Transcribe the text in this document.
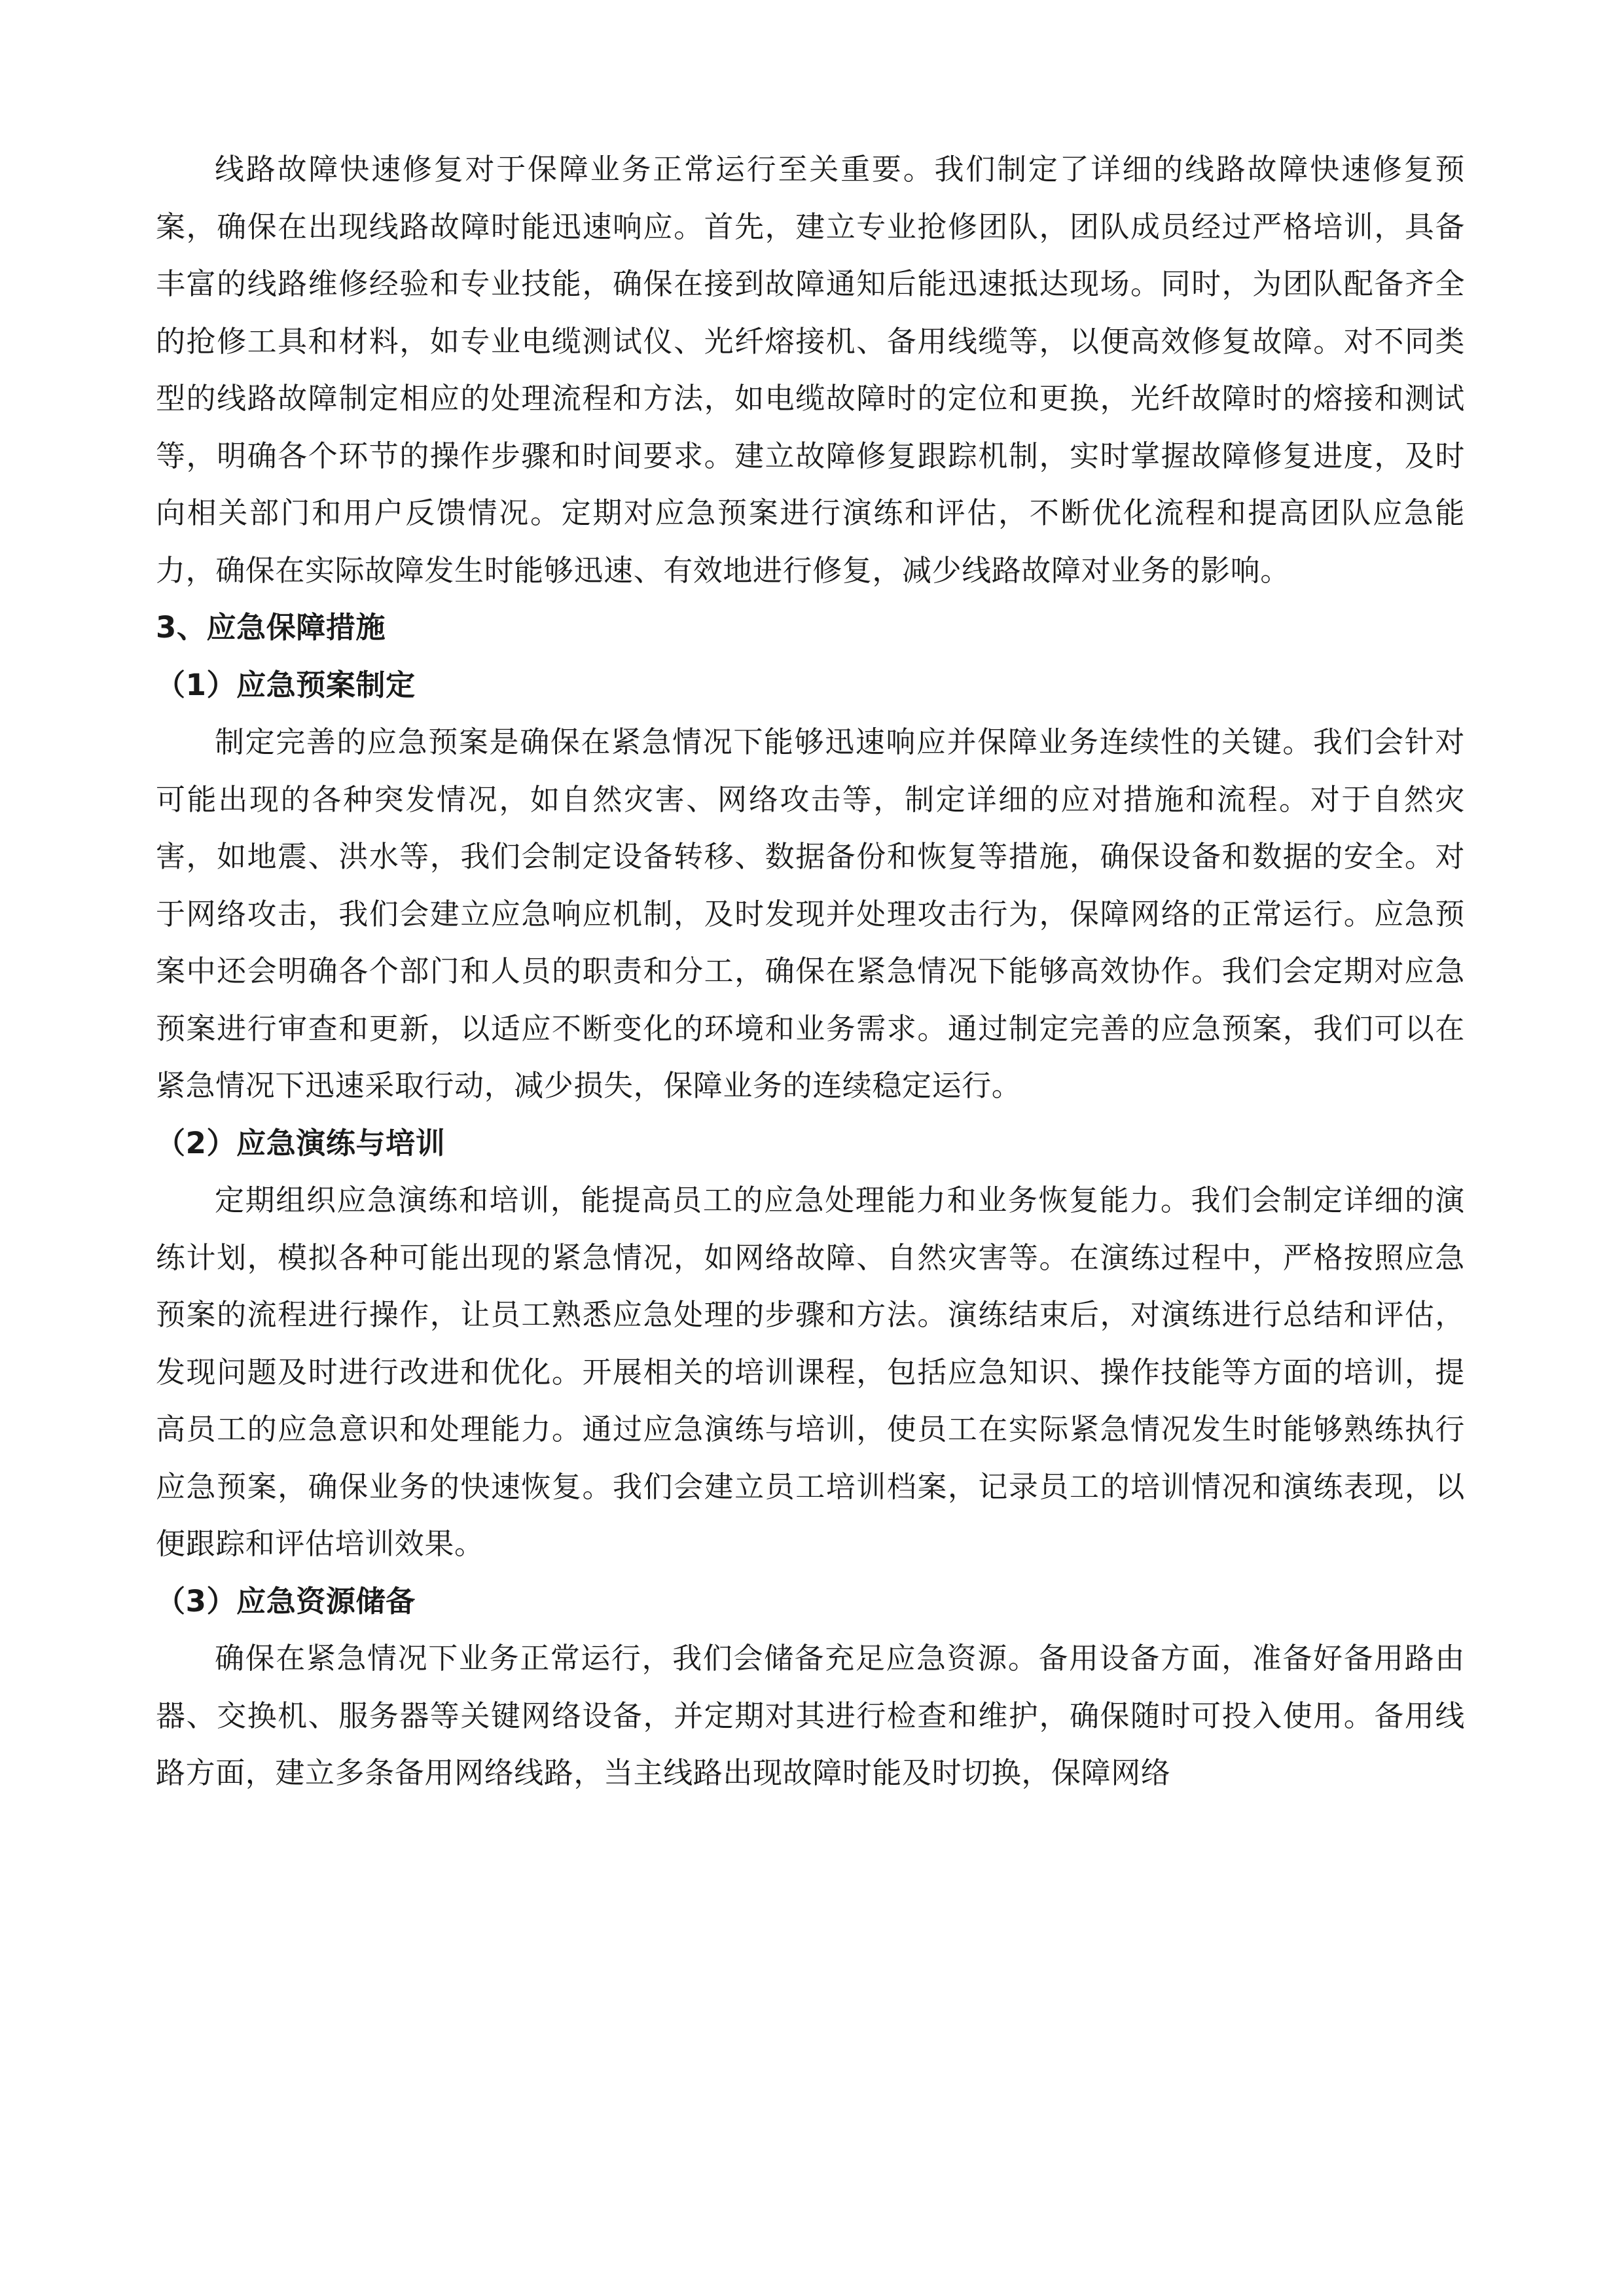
线路故障快速修复对于保障业务正常运行至关重要。我们制定了详细的线路故障快速修复预案，确保在出现线路故障时能迅速响应。首先，建立专业抢修团队，团队成员经过严格培训，具备丰富的线路维修经验和专业技能，确保在接到故障通知后能迅速抵达现场。同时，为团队配备齐全的抢修工具和材料，如专业电缆测试仪、光纤熔接机、备用线缆等，以便高效修复故障。对不同类型的线路故障制定相应的处理流程和方法，如电缆故障时的定位和更换，光纤故障时的熔接和测试等，明确各个环节的操作步骤和时间要求。建立故障修复跟踪机制，实时掌握故障修复进度，及时向相关部门和用户反馈情况。定期对应急预案进行演练和评估，不断优化流程和提高团队应急能力，确保在实际故障发生时能够迅速、有效地进行修复，减少线路故障对业务的影响。

3、应急保障措施
（1）应急预案制定

制定完善的应急预案是确保在紧急情况下能够迅速响应并保障业务连续性的关键。我们会针对可能出现的各种突发情况，如自然灾害、网络攻击等，制定详细的应对措施和流程。对于自然灾害，如地震、洪水等，我们会制定设备转移、数据备份和恢复等措施，确保设备和数据的安全。对于网络攻击，我们会建立应急响应机制，及时发现并处理攻击行为，保障网络的正常运行。应急预案中还会明确各个部门和人员的职责和分工，确保在紧急情况下能够高效协作。我们会定期对应急预案进行审查和更新，以适应不断变化的环境和业务需求。通过制定完善的应急预案，我们可以在紧急情况下迅速采取行动，减少损失，保障业务的连续稳定运行。

（2）应急演练与培训

定期组织应急演练和培训，能提高员工的应急处理能力和业务恢复能力。我们会制定详细的演练计划，模拟各种可能出现的紧急情况，如网络故障、自然灾害等。在演练过程中，严格按照应急预案的流程进行操作，让员工熟悉应急处理的步骤和方法。演练结束后，对演练进行总结和评估，发现问题及时进行改进和优化。开展相关的培训课程，包括应急知识、操作技能等方面的培训，提高员工的应急意识和处理能力。通过应急演练与培训，使员工在实际紧急情况发生时能够熟练执行应急预案，确保业务的快速恢复。我们会建立员工培训档案，记录员工的培训情况和演练表现，以便跟踪和评估培训效果。

（3）应急资源储备

确保在紧急情况下业务正常运行，我们会储备充足应急资源。备用设备方面，准备好备用路由器、交换机、服务器等关键网络设备，并定期对其进行检查和维护，确保随时可投入使用。备用线路方面，建立多条备用网络线路，当主线路出现故障时能及时切换，保障网络
